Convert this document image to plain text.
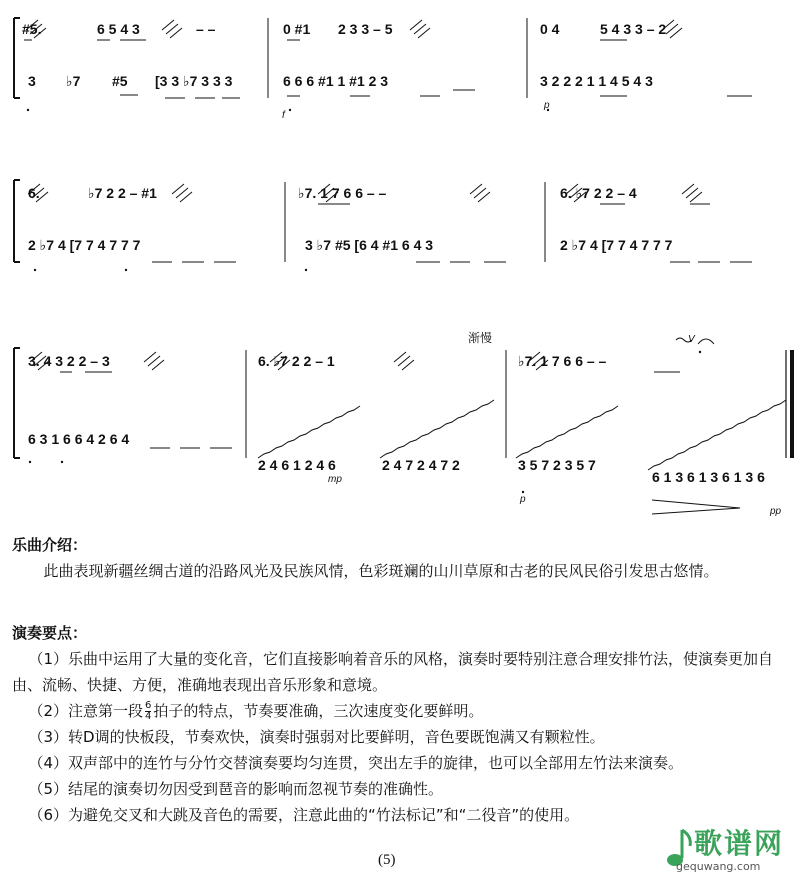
#5.	6 5 4 3	– –	0 #1 2 3 3 – 5	0 4	5 4 3 3 – 2
3 ♭7 #5 [3 3 ♭7 3 3 3	6 6 6 #1 1 #1 2 3	3 2 2 2 1 1 4 5 4 3
6.	♭7 2 2 – #1	♭7. 1 7 6 6 – –	6. ♭7 2 2 – 4
2 ♭7 4 [7 7 4 7 7 7	3 ♭7 #5 [6 4 #1 6 4 3	2 ♭7 4 [7 7 4 7 7 7
3. 4 3 2 2 – 3	6. ♭7 2 2 – 1	♭7. 1 7 6 6 – –
6 3 1 6 6 4 2 6 4
2 4 6 1 2 4 6	2 4 7 2 4 7 2	3 5 7 2 3 5 7
6 1 3 6 1 3 6 1 3 6
f
p
mp
p
pp
渐慢	V
乐曲介绍：
此曲表现新疆丝绸古道的沿路风光及民族风情，色彩斑斓的山川草原和古老的民风民俗引发思古悠情。
演奏要点：
（1）乐曲中运用了大量的变化音，它们直接影响着音乐的风格，演奏时要特别注意合理安排竹法，使演奏更加自由、流畅、快捷、方便，准确地表现出音乐形象和意境。
（2）注意第一段 $\frac{6}{4}$ 拍子的特点，节奏要准确，三次速度变化要鲜明。
（3）转D调的快板段，节奏欢快，演奏时强弱对比要鲜明，音色要既饱满又有颗粒性。
（4）双声部中的连竹与分竹交替演奏要均匀连贯，突出左手的旋律，也可以全部用左竹法来演奏。
（5）结尾的演奏切勿因受到琶音的影响而忽视节奏的准确性。
（6）为避免交叉和大跳及音色的需要，注意此曲的“竹法标记”和“二役音”的使用。
(5)	歌谱网
gequwang.com
